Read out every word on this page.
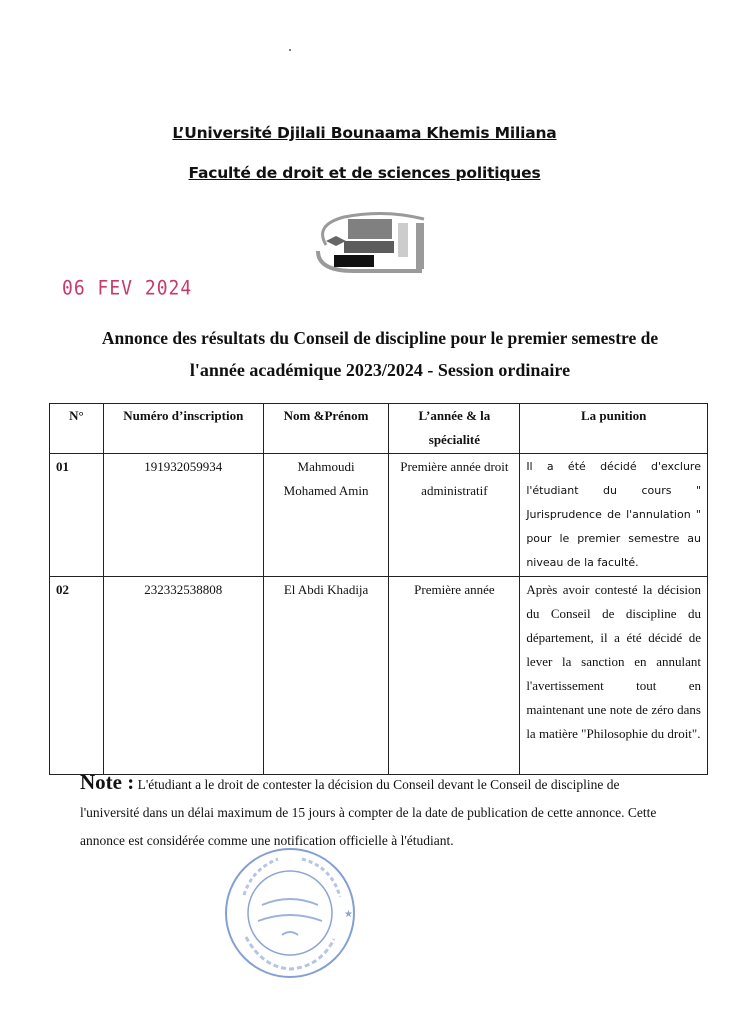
L’Université Djilali Bounaama Khemis Miliana
Faculté de droit et de sciences politiques
06 FEV 2024
Annonce des résultats du Conseil de discipline pour le premier semestre de
l'année académique 2023/2024 - Session ordinaire
N°	Numéro d’inscription	Nom &Prénom	L’année & la spécialité	La punition
01	191932059934	Mahmoudi Mohamed Amin	Première année droit administratif	Il a été décidé d'exclure l'étudiant du cours " Jurisprudence de l'annulation " pour le premier semestre au niveau de la faculté.
02	232332538808	El Abdi Khadija	Première année	Après avoir contesté la décision du Conseil de discipline du département, il a été décidé de lever la sanction en annulant l'avertissement tout en maintenant une note de zéro dans la matière "Philosophie du droit".
Note : L'étudiant a le droit de contester la décision du Conseil devant le Conseil de discipline de l'université dans un délai maximum de 15 jours à compter de la date de publication de cette annonce. Cette annonce est considérée comme une notification officielle à l'étudiant.
★
